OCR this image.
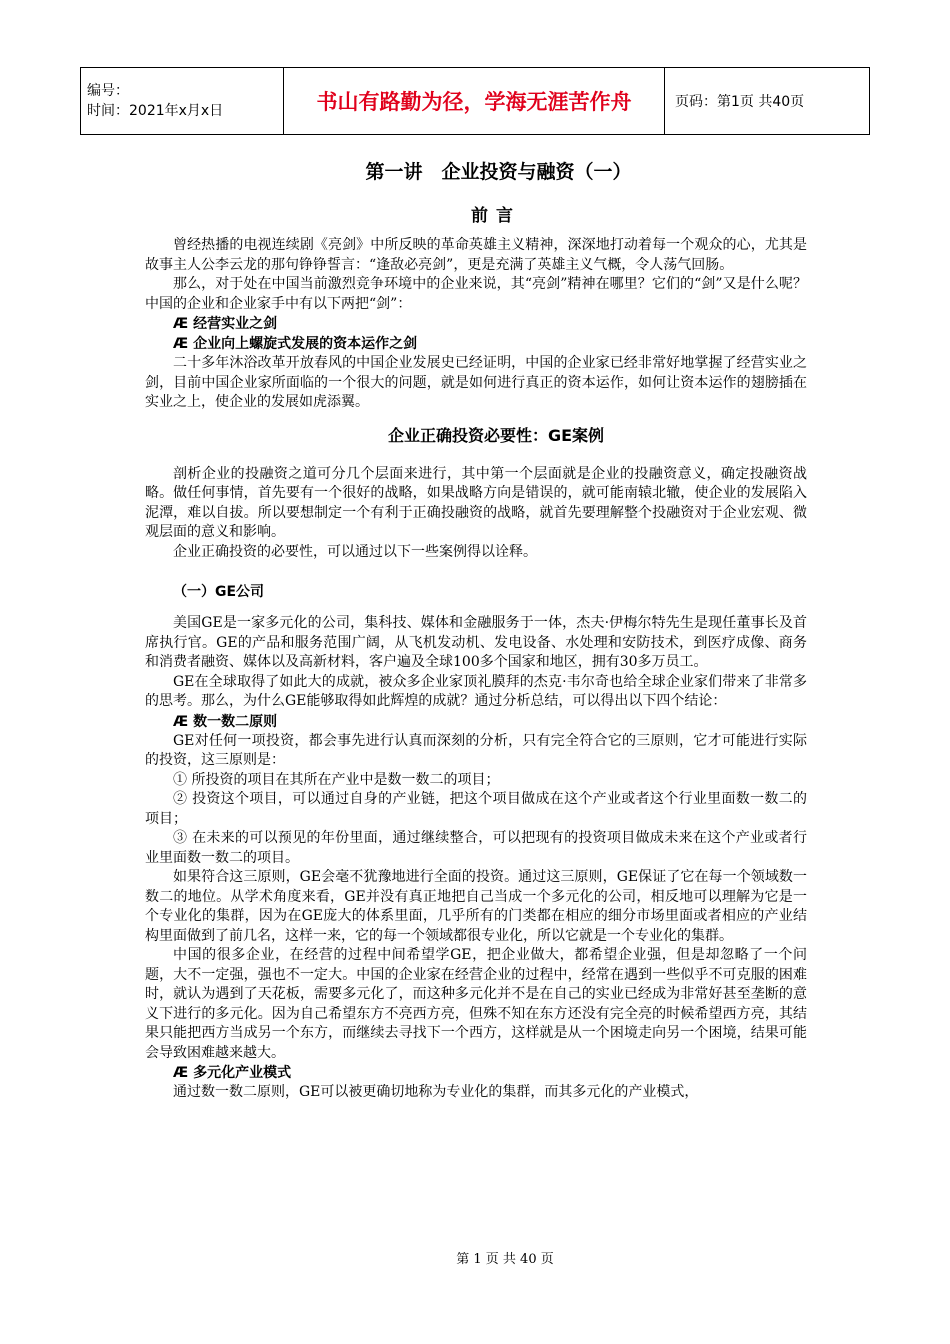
编号：
时间：2021年x月x日	书山有路勤为径，学海无涯苦作舟	页码：第1页 共40页
第一讲　企业投资与融资（一）
前言

曾经热播的电视连续剧《亮剑》中所反映的革命英雄主义精神，深深地打动着每一个观众的心，尤其是故事主人公李云龙的那句铮铮誓言：“逢敌必亮剑”，更是充满了英雄主义气概，令人荡气回肠。

那么，对于处在中国当前激烈竞争环境中的企业来说，其“亮剑”精神在哪里？它们的“剑”又是什么呢？中国的企业和企业家手中有以下两把“剑”：

Æ 经营实业之剑
Æ 企业向上螺旋式发展的资本运作之剑

二十多年沐浴改革开放春风的中国企业发展史已经证明，中国的企业家已经非常好地掌握了经营实业之剑，目前中国企业家所面临的一个很大的问题，就是如何进行真正的资本运作，如何让资本运作的翅膀插在实业之上，使企业的发展如虎添翼。

企业正确投资必要性：GE案例

剖析企业的投融资之道可分几个层面来进行，其中第一个层面就是企业的投融资意义，确定投融资战略。做任何事情，首先要有一个很好的战略，如果战略方向是错误的，就可能南辕北辙，使企业的发展陷入泥潭，难以自拔。所以要想制定一个有利于正确投融资的战略，就首先要理解整个投融资对于企业宏观、微观层面的意义和影响。

企业正确投资的必要性，可以通过以下一些案例得以诠释。

（一）GE公司

美国GE是一家多元化的公司，集科技、媒体和金融服务于一体，杰夫·伊梅尔特先生是现任董事长及首席执行官。GE的产品和服务范围广阔，从飞机发动机、发电设备、水处理和安防技术，到医疗成像、商务和消费者融资、媒体以及高新材料，客户遍及全球100多个国家和地区，拥有30多万员工。

GE在全球取得了如此大的成就，被众多企业家顶礼膜拜的杰克·韦尔奇也给全球企业家们带来了非常多的思考。那么，为什么GE能够取得如此辉煌的成就？通过分析总结，可以得出以下四个结论：

Æ 数一数二原则

GE对任何一项投资，都会事先进行认真而深刻的分析，只有完全符合它的三原则，它才可能进行实际的投资，这三原则是：

① 所投资的项目在其所在产业中是数一数二的项目；

② 投资这个项目，可以通过自身的产业链，把这个项目做成在这个产业或者这个行业里面数一数二的项目；

③ 在未来的可以预见的年份里面，通过继续整合，可以把现有的投资项目做成未来在这个产业或者行业里面数一数二的项目。

如果符合这三原则，GE会毫不犹豫地进行全面的投资。通过这三原则，GE保证了它在每一个领域数一数二的地位。从学术角度来看，GE并没有真正地把自己当成一个多元化的公司，相反地可以理解为它是一个专业化的集群，因为在GE庞大的体系里面，几乎所有的门类都在相应的细分市场里面或者相应的产业结构里面做到了前几名，这样一来，它的每一个领域都很专业化，所以它就是一个专业化的集群。

中国的很多企业，在经营的过程中间希望学GE，把企业做大，都希望企业强，但是却忽略了一个问题，大不一定强，强也不一定大。中国的企业家在经营企业的过程中，经常在遇到一些似乎不可克服的困难时，就认为遇到了天花板，需要多元化了，而这种多元化并不是在自己的实业已经成为非常好甚至垄断的意义下进行的多元化。因为自己希望东方不亮西方亮，但殊不知在东方还没有完全亮的时候希望西方亮，其结果只能把西方当成另一个东方，而继续去寻找下一个西方，这样就是从一个困境走向另一个困境，结果可能会导致困难越来越大。

Æ 多元化产业模式

通过数一数二原则，GE可以被更确切地称为专业化的集群，而其多元化的产业模式，

第 1 页 共 40 页
